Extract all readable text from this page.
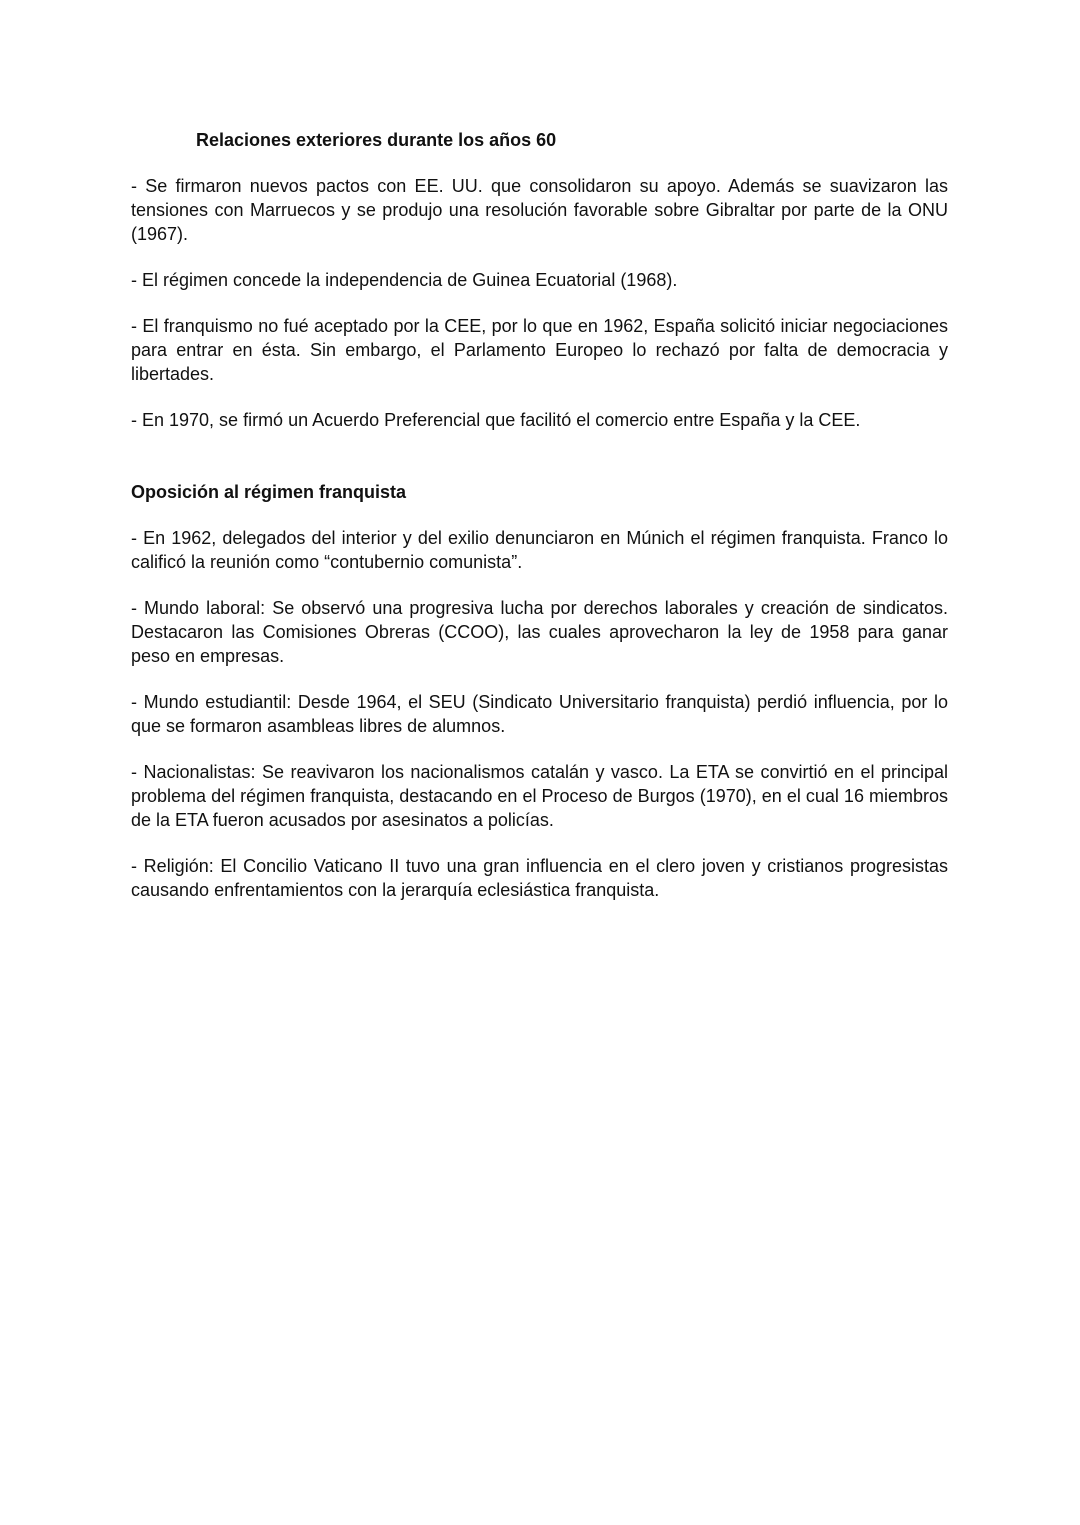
Relaciones exteriores durante los años 60

- Se firmaron nuevos pactos con EE. UU. que consolidaron su apoyo. Además se suavizaron las tensiones con Marruecos y se produjo una resolución favorable sobre Gibraltar por parte de la ONU (1967).

- El régimen concede la independencia de Guinea Ecuatorial (1968).

- El franquismo no fué aceptado por la CEE, por lo que en 1962, España solicitó iniciar negociaciones para entrar en ésta. Sin embargo, el Parlamento Europeo lo rechazó por falta de democracia y libertades.

- En 1970, se firmó un Acuerdo Preferencial que facilitó el comercio entre España y la CEE.

Oposición al régimen franquista

- En 1962, delegados del interior y del exilio denunciaron en Múnich el régimen franquista. Franco lo calificó la reunión como “contubernio comunista”.

- Mundo laboral: Se observó una progresiva lucha por derechos laborales y creación de sindicatos. Destacaron las Comisiones Obreras (CCOO), las cuales aprovecharon la ley de 1958 para ganar peso en empresas.

- Mundo estudiantil: Desde 1964, el SEU (Sindicato Universitario franquista) perdió influencia, por lo que se formaron asambleas libres de alumnos.

- Nacionalistas: Se reavivaron los nacionalismos catalán y vasco. La ETA se convirtió en el principal problema del régimen franquista, destacando en el Proceso de Burgos (1970), en el cual 16 miembros de la ETA fueron acusados por asesinatos a policías.

- Religión: El Concilio Vaticano II tuvo una gran influencia en el clero joven y cristianos progresistas causando enfrentamientos con la jerarquía eclesiástica franquista.
